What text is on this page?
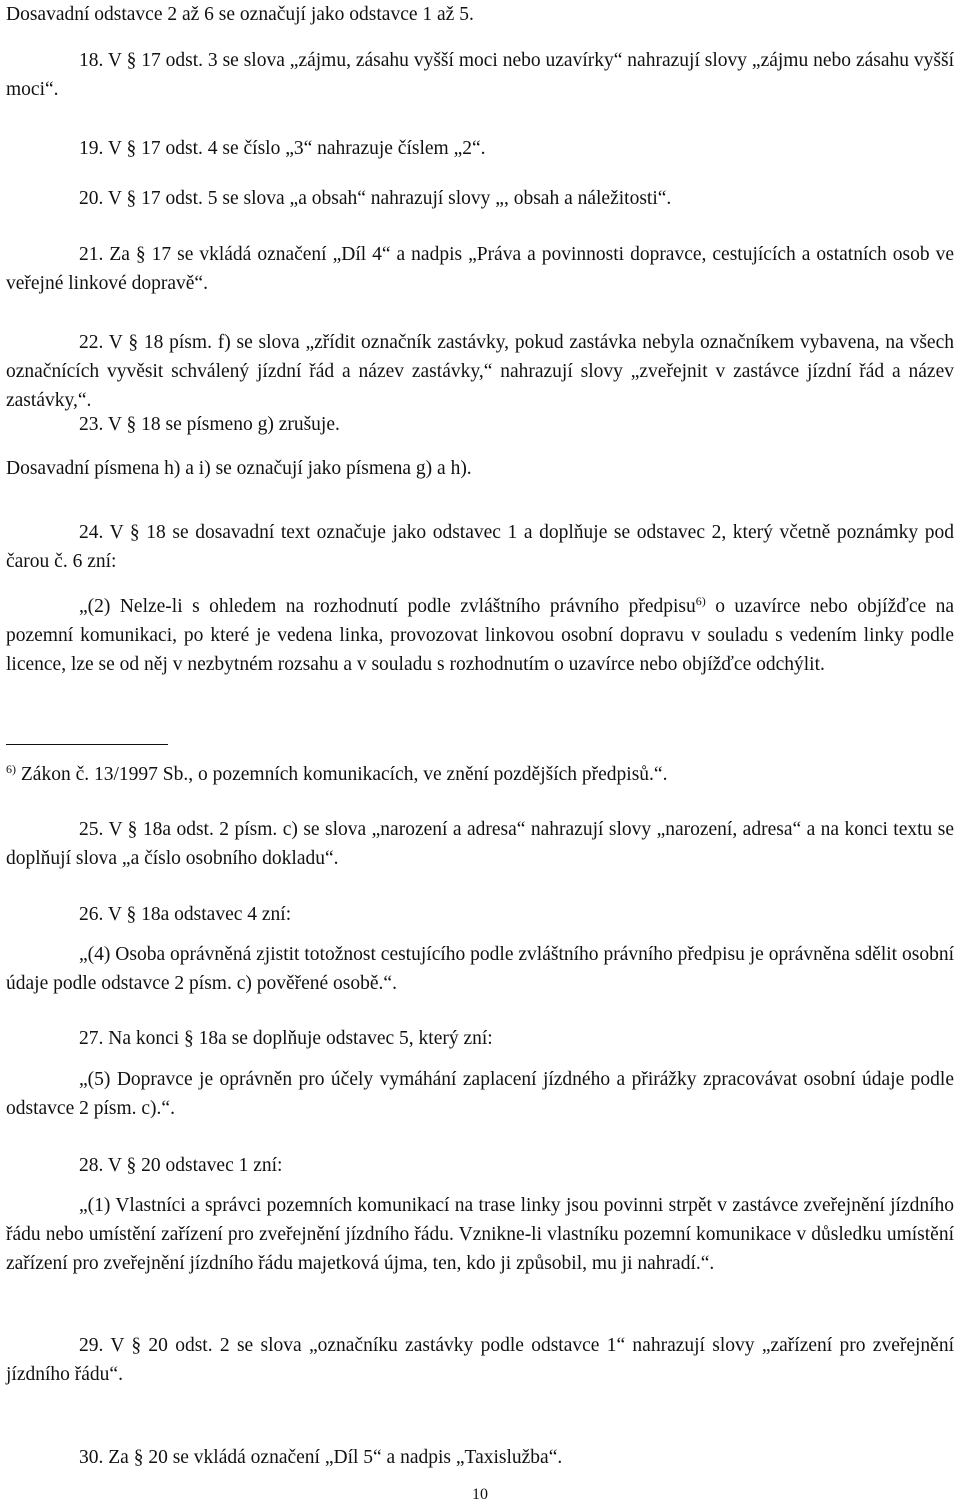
Dosavadní odstavce 2 až 6 se označují jako odstavce 1 až 5.

18. V § 17 odst. 3 se slova „zájmu, zásahu vyšší moci nebo uzavírky“ nahrazují slovy „zájmu nebo zásahu vyšší moci“.

19. V § 17 odst. 4 se číslo „3“ nahrazuje číslem „2“.

20. V § 17 odst. 5 se slova „a obsah“ nahrazují slovy „, obsah a náležitosti“.

21. Za § 17 se vkládá označení „Díl 4“ a nadpis „Práva a povinnosti dopravce, cestujících a ostatních osob ve veřejné linkové dopravě“.

22. V § 18 písm. f) se slova „zřídit označník zastávky, pokud zastávka nebyla označníkem vybavena, na všech označnících vyvěsit schválený jízdní řád a název zastávky,“ nahrazují slovy „zveřejnit v zastávce jízdní řád a název zastávky,“.

23. V § 18 se písmeno g) zrušuje.

Dosavadní písmena h) a i) se označují jako písmena g) a h).

24. V § 18 se dosavadní text označuje jako odstavec 1 a doplňuje se odstavec 2, který včetně poznámky pod čarou č. 6 zní:

„(2) Nelze-li s ohledem na rozhodnutí podle zvláštního právního předpisu$^{6)}$ o uzavírce nebo objížďce na pozemní komunikaci, po které je vedena linka, provozovat linkovou osobní dopravu v souladu s vedením linky podle licence, lze se od něj v nezbytném rozsahu a v souladu s rozhodnutím o uzavírce nebo objížďce odchýlit.

$^{6)}$ Zákon č. 13/1997 Sb., o pozemních komunikacích, ve znění pozdějších předpisů.“.

25. V § 18a odst. 2 písm. c) se slova „narození a adresa“ nahrazují slovy „narození, adresa“ a na konci textu se doplňují slova „a číslo osobního dokladu“.

26. V § 18a odstavec 4 zní:

„(4) Osoba oprávněná zjistit totožnost cestujícího podle zvláštního právního předpisu je oprávněna sdělit osobní údaje podle odstavce 2 písm. c) pověřené osobě.“.

27. Na konci § 18a se doplňuje odstavec 5, který zní:

„(5) Dopravce je oprávněn pro účely vymáhání zaplacení jízdného a přirážky zpracovávat osobní údaje podle odstavce 2 písm. c).“.

28. V § 20 odstavec 1 zní:

„(1) Vlastníci a správci pozemních komunikací na trase linky jsou povinni strpět v zastávce zveřejnění jízdního řádu nebo umístění zařízení pro zveřejnění jízdního řádu. Vznikne-li vlastníku pozemní komunikace v důsledku umístění zařízení pro zveřejnění jízdního řádu majetková újma, ten, kdo ji způsobil, mu ji nahradí.“.

29. V § 20 odst. 2 se slova „označníku zastávky podle odstavce 1“ nahrazují slovy „zařízení pro zveřejnění jízdního řádu“.

30. Za § 20 se vkládá označení „Díl 5“ a nadpis „Taxislužba“.

10
